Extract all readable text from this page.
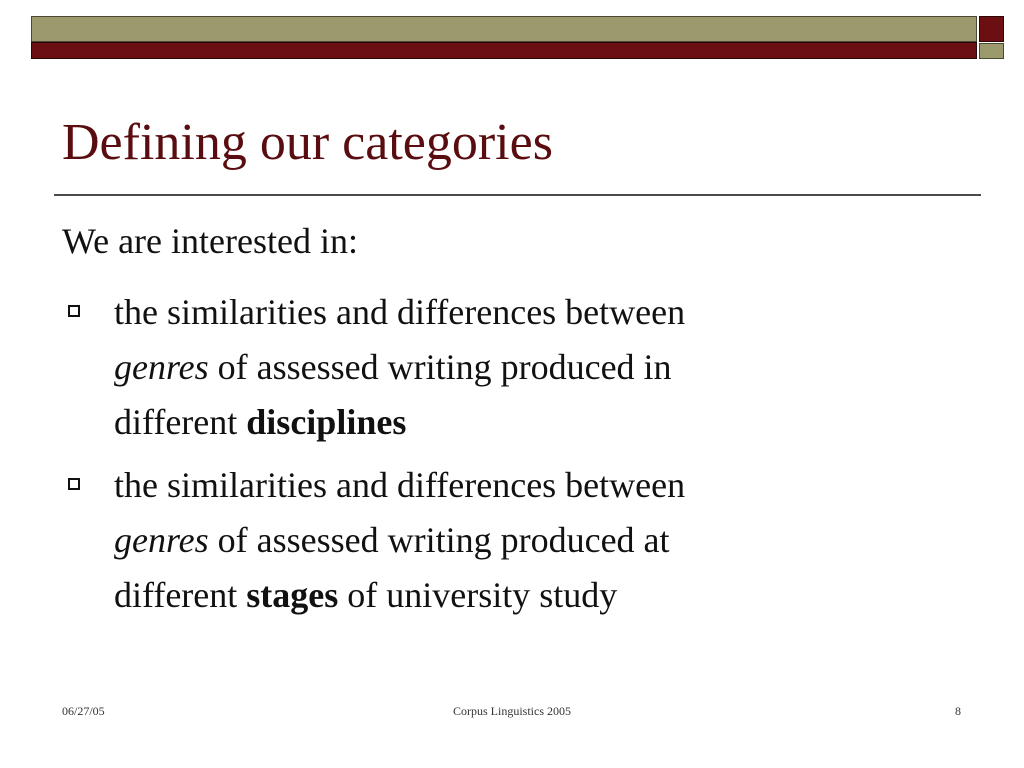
Defining our categories
We are interested in:
the similarities and differences between
genres of assessed writing produced in
different disciplines
the similarities and differences between
genres of assessed writing produced at
different stages of university study
06/27/05	Corpus Linguistics 2005	8
